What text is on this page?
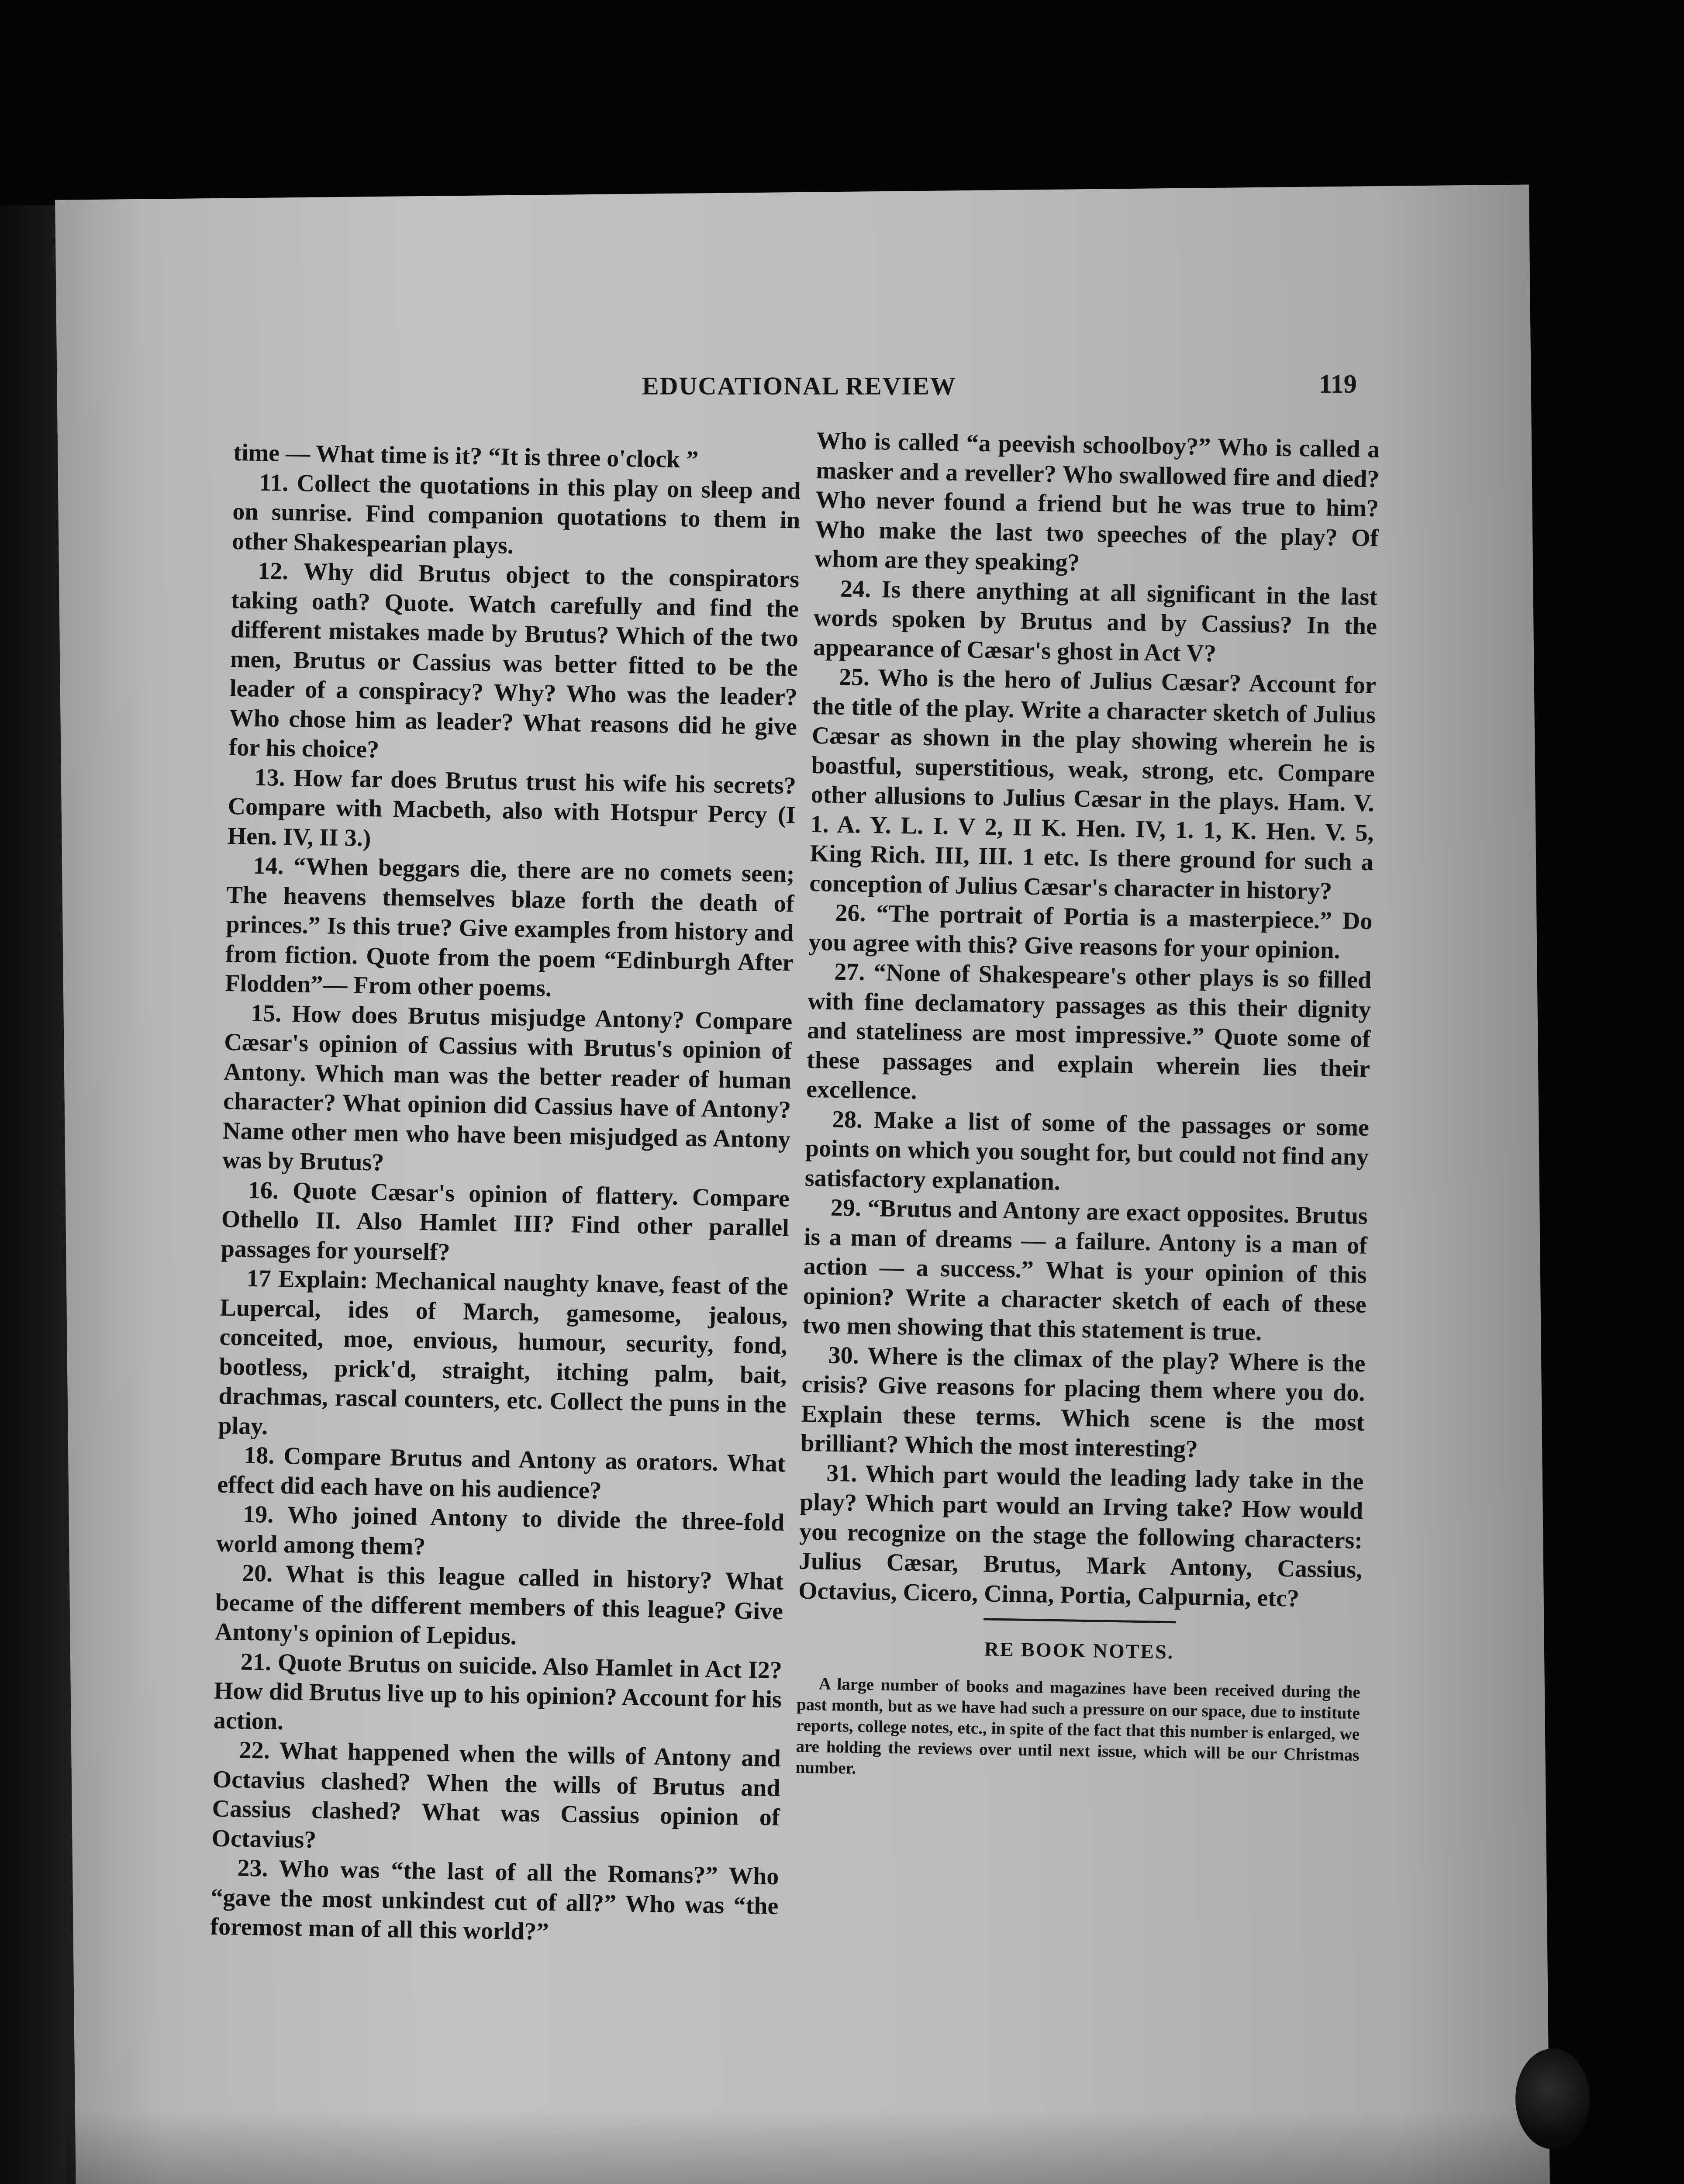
EDUCATIONAL REVIEW	119

time — What time is it? “It is three o'clock ”

11. Collect the quotations in this play on sleep and on sunrise. Find companion quotations to them in other Shakespearian plays.

12. Why did Brutus object to the conspirators taking oath? Quote. Watch carefully and find the different mistakes made by Brutus? Which of the two men, Brutus or Cassius was better fitted to be the leader of a conspiracy? Why? Who was the leader? Who chose him as leader? What reasons did he give for his choice?

13. How far does Brutus trust his wife his secrets? Compare with Macbeth, also with Hotspur Percy (I Hen. IV, II 3.)

14. “When beggars die, there are no comets seen; The heavens themselves blaze forth the death of princes.” Is this true? Give examples from history and from fiction. Quote from the poem “Edinburgh After Flodden”— From other poems.

15. How does Brutus misjudge Antony? Compare Cæsar's opinion of Cassius with Brutus's opinion of Antony. Which man was the better reader of human character? What opinion did Cassius have of Antony? Name other men who have been misjudged as Antony was by Brutus?

16. Quote Cæsar's opinion of flattery. Compare Othello II. Also Hamlet III? Find other parallel passages for yourself?

17 Explain: Mechanical naughty knave, feast of the Lupercal, ides of March, gamesome, jealous, conceited, moe, envious, humour, security, fond, bootless, prick'd, straight, itching palm, bait, drachmas, rascal counters, etc. Collect the puns in the play.

18. Compare Brutus and Antony as orators. What effect did each have on his audience?

19. Who joined Antony to divide the three-fold world among them?

20. What is this league called in history? What became of the different members of this league? Give Antony's opinion of Lepidus.

21. Quote Brutus on suicide. Also Hamlet in Act I2? How did Brutus live up to his opinion? Account for his action.

22. What happened when the wills of Antony and Octavius clashed? When the wills of Brutus and Cassius clashed? What was Cassius opinion of Octavius?

23. Who was “the last of all the Romans?” Who “gave the most unkindest cut of all?” Who was “the foremost man of all this world?”

Who is called “a peevish schoolboy?” Who is called a masker and a reveller? Who swallowed fire and died? Who never found a friend but he was true to him? Who make the last two speeches of the play? Of whom are they speaking?

24. Is there anything at all significant in the last words spoken by Brutus and by Cassius? In the appearance of Cæsar's ghost in Act V?

25. Who is the hero of Julius Cæsar? Account for the title of the play. Write a character sketch of Julius Cæsar as shown in the play showing wherein he is boastful, superstitious, weak, strong, etc. Compare other allusions to Julius Cæsar in the plays. Ham. V. 1. A. Y. L. I. V 2, II K. Hen. IV, 1. 1, K. Hen. V. 5, King Rich. III, III. 1 etc. Is there ground for such a conception of Julius Cæsar's character in history?

26. “The portrait of Portia is a masterpiece.” Do you agree with this? Give reasons for your opinion.

27. “None of Shakespeare's other plays is so filled with fine declamatory passages as this their dignity and stateliness are most impressive.” Quote some of these passages and explain wherein lies their excellence.

28. Make a list of some of the passages or some points on which you sought for, but could not find any satisfactory explanation.

29. “Brutus and Antony are exact opposites. Brutus is a man of dreams — a failure. Antony is a man of action — a success.” What is your opinion of this opinion? Write a character sketch of each of these two men showing that this statement is true.

30. Where is the climax of the play? Where is the crisis? Give reasons for placing them where you do. Explain these terms. Which scene is the most brilliant? Which the most interesting?

31. Which part would the leading lady take in the play? Which part would an Irving take? How would you recognize on the stage the following characters: Julius Cæsar, Brutus, Mark Antony, Cassius, Octavius, Cicero, Cinna, Portia, Calpurnia, etc?

RE BOOK NOTES.
A large number of books and magazines have been received during the past month, but as we have had such a pressure on our space, due to institute reports, college notes, etc., in spite of the fact that this number is enlarged, we are holding the reviews over until next issue, which will be our Christmas number.
